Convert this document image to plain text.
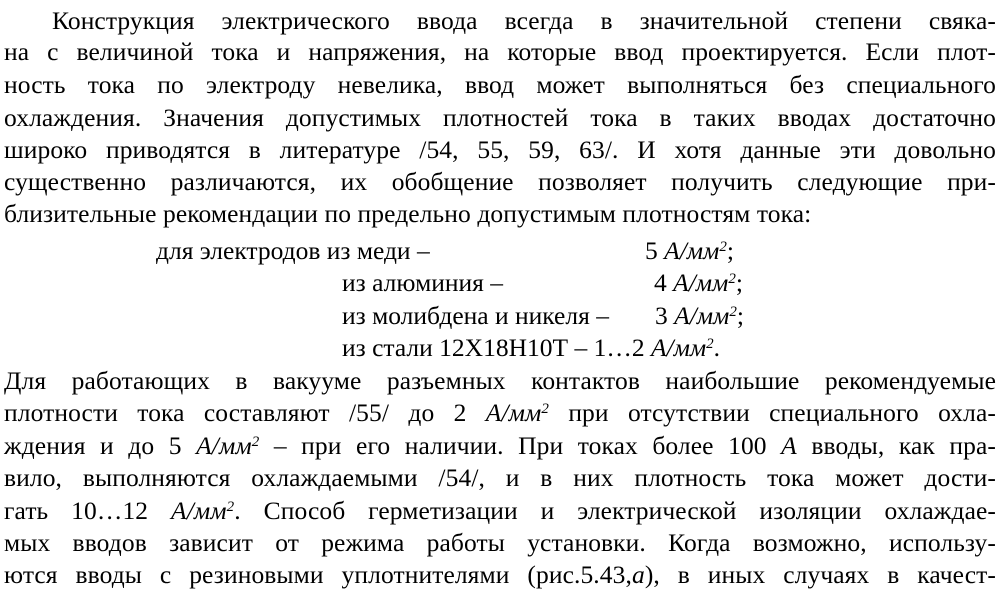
Конструкция электрического ввода всегда в значительной степени свяка-
на с величиной тока и напряжения, на которые ввод проектируется. Если плот-
ность тока по электроду невелика, ввод может выполняться без специального
охлаждения. Значения допустимых плотностей тока в таких вводах достаточно
широко приводятся в литературе /54, 55, 59, 63/. И хотя данные эти довольно
существенно различаются, их обобщение позволяет получить следующие при-
близительные рекомендации по предельно допустимым плотностям тока:
для электродов из меди –	5 $А/мм^2$;
из алюминия –	4 $А/мм^2$;
из молибдена и никеля – 3 $А/мм^2$;
из стали 12Х18Н10Т – 1…2 $А/мм^2$.
Для работающих в вакууме разъемных контактов наибольшие рекомендуемые
плотности тока составляют /55/ до 2 $А/мм^2$ при отсутствии специального охла-
ждения и до 5 $А/мм^2$ – при его наличии. При токах более 100 А вводы, как пра-
вило, выполняются охлаждаемыми /54/, и в них плотность тока может дости-
гать 10…12 $А/мм^2$. Способ герметизации и электрической изоляции охлаждае-
мых вводов зависит от режима работы установки. Когда возможно, использу-
ются вводы с резиновыми уплотнителями (рис.5.43,а), в иных случаях в качест-
